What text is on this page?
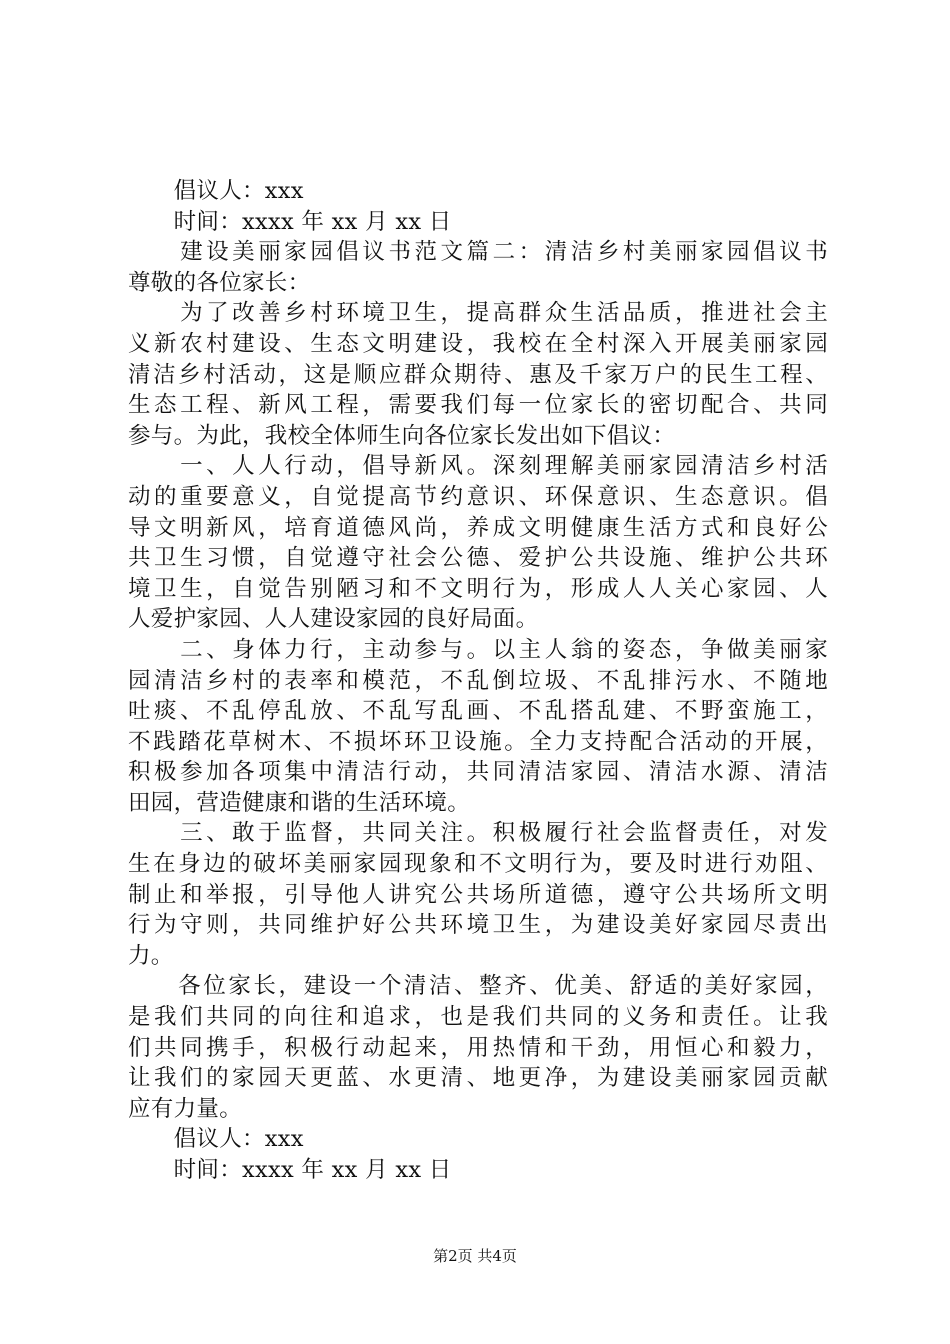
　　倡议人：xxx
　　时间：xxxx 年 xx 月 xx 日
　　建设美丽家园倡议书范文篇二：清洁乡村美丽家园倡议书
尊敬的各位家长：
　　为了改善乡村环境卫生，提高群众生活品质，推进社会主
义新农村建设、生态文明建设，我校在全村深入开展美丽家园
清洁乡村活动，这是顺应群众期待、惠及千家万户的民生工程、
生态工程、新风工程，需要我们每一位家长的密切配合、共同
参与。为此，我校全体师生向各位家长发出如下倡议：
　　一、人人行动，倡导新风。深刻理解美丽家园清洁乡村活
动的重要意义，自觉提高节约意识、环保意识、生态意识。倡
导文明新风，培育道德风尚，养成文明健康生活方式和良好公
共卫生习惯，自觉遵守社会公德、爱护公共设施、维护公共环
境卫生，自觉告别陋习和不文明行为，形成人人关心家园、人
人爱护家园、人人建设家园的良好局面。
　　二、身体力行，主动参与。以主人翁的姿态，争做美丽家
园清洁乡村的表率和模范，不乱倒垃圾、不乱排污水、不随地
吐痰、不乱停乱放、不乱写乱画、不乱搭乱建、不野蛮施工，
不践踏花草树木、不损坏环卫设施。全力支持配合活动的开展，
积极参加各项集中清洁行动，共同清洁家园、清洁水源、清洁
田园，营造健康和谐的生活环境。
　　三、敢于监督，共同关注。积极履行社会监督责任，对发
生在身边的破坏美丽家园现象和不文明行为，要及时进行劝阻、
制止和举报，引导他人讲究公共场所道德，遵守公共场所文明
行为守则，共同维护好公共环境卫生，为建设美好家园尽责出
力。
　　各位家长，建设一个清洁、整齐、优美、舒适的美好家园，
是我们共同的向往和追求，也是我们共同的义务和责任。让我
们共同携手，积极行动起来，用热情和干劲，用恒心和毅力，
让我们的家园天更蓝、水更清、地更净，为建设美丽家园贡献
应有力量。
　　倡议人：xxx
　　时间：xxxx 年 xx 月 xx 日
第2页 共4页
